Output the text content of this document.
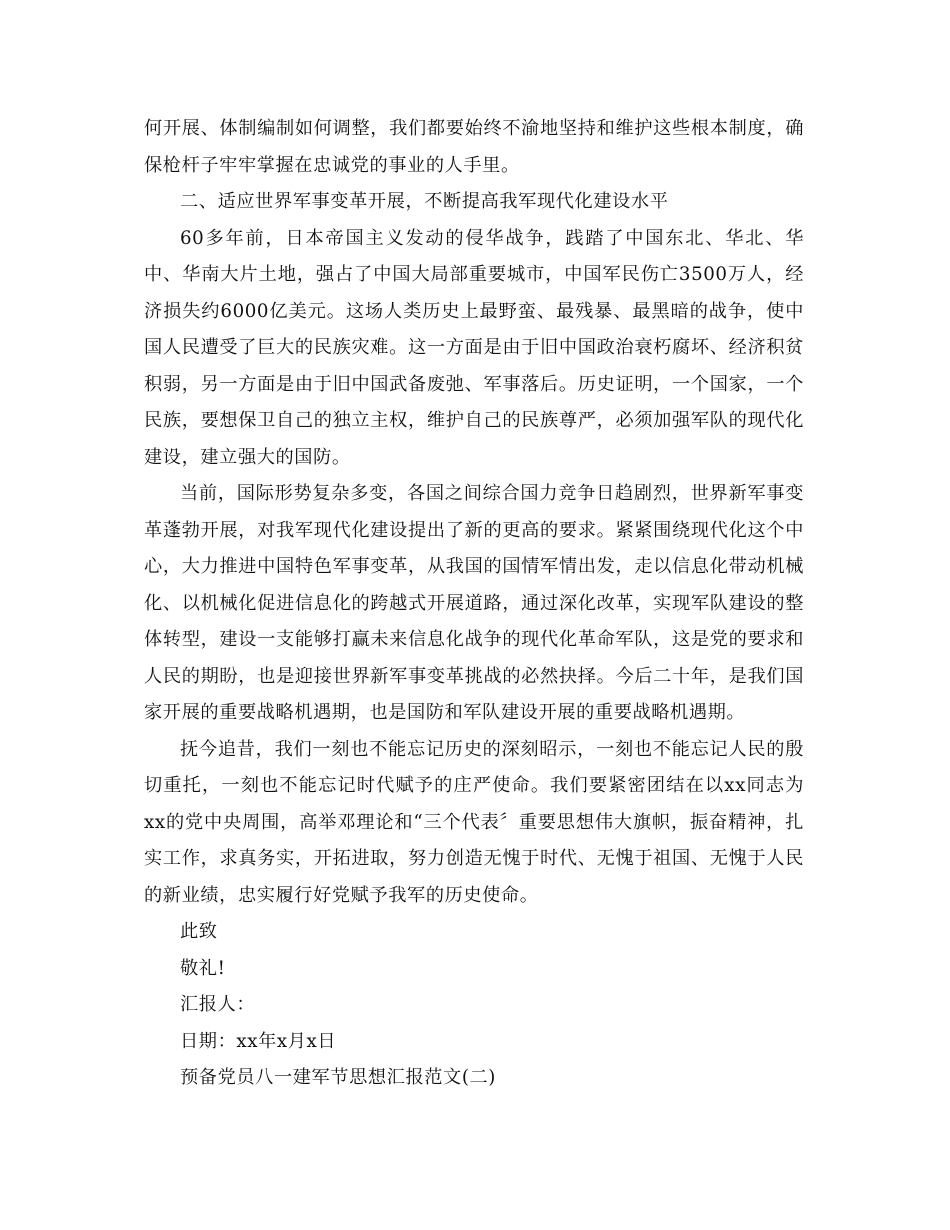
何开展、体制编制如何调整，我们都要始终不渝地坚持和维护这些根本制度，确保枪杆子牢牢掌握在忠诚党的事业的人手里。

二、适应世界军事变革开展，不断提高我军现代化建设水平

60多年前，日本帝国主义发动的侵华战争，践踏了中国东北、华北、华中、华南大片土地，强占了中国大局部重要城市，中国军民伤亡3500万人，经济损失约6000亿美元。这场人类历史上最野蛮、最残暴、最黑暗的战争，使中国人民遭受了巨大的民族灾难。这一方面是由于旧中国政治衰朽腐坏、经济积贫积弱，另一方面是由于旧中国武备废弛、军事落后。历史证明，一个国家，一个民族，要想保卫自己的独立主权，维护自己的民族尊严，必须加强军队的现代化建设，建立强大的国防。

当前，国际形势复杂多变，各国之间综合国力竞争日趋剧烈，世界新军事变革蓬勃开展，对我军现代化建设提出了新的更高的要求。紧紧围绕现代化这个中心，大力推进中国特色军事变革，从我国的国情军情出发，走以信息化带动机械化、以机械化促进信息化的跨越式开展道路，通过深化改革，实现军队建设的整体转型，建设一支能够打赢未来信息化战争的现代化革命军队，这是党的要求和人民的期盼，也是迎接世界新军事变革挑战的必然抉择。今后二十年，是我们国家开展的重要战略机遇期，也是国防和军队建设开展的重要战略机遇期。

抚今追昔，我们一刻也不能忘记历史的深刻昭示，一刻也不能忘记人民的殷切重托，一刻也不能忘记时代赋予的庄严使命。我们要紧密团结在以xx同志为xx的党中央周围，高举邓理论和“三个代表〞重要思想伟大旗帜，振奋精神，扎实工作，求真务实，开拓进取，努力创造无愧于时代、无愧于祖国、无愧于人民的新业绩，忠实履行好党赋予我军的历史使命。

此致

敬礼!

汇报人：

日期：xx年x月x日

预备党员八一建军节思想汇报范文(二)
